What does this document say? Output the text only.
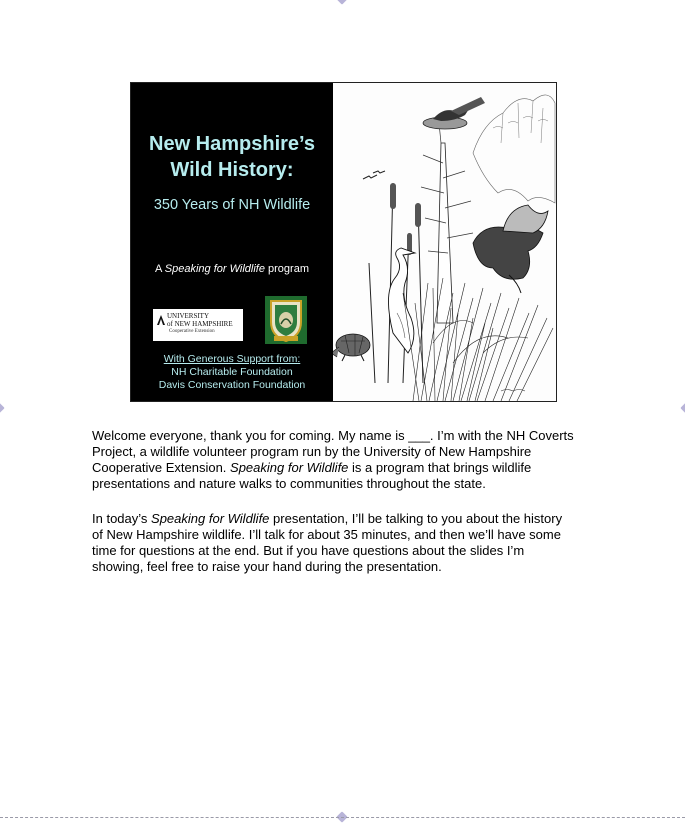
New Hampshire’s
Wild History:
350 Years of NH Wildlife
A Speaking for Wildlife program
UNIVERSITY
of NEW HAMPSHIRE
Cooperative Extension
With Generous Support from:
NH Charitable Foundation
Davis Conservation Foundation

Welcome everyone, thank you for coming. My name is ___. I’m with the NH Coverts
Project, a wildlife volunteer program run by the University of New Hampshire
Cooperative Extension. Speaking for Wildlife is a program that brings wildlife
presentations and nature walks to communities throughout the state.

In today’s Speaking for Wildlife presentation, I’ll be talking to you about the history
of New Hampshire wildlife. I’ll talk for about 35 minutes, and then we’ll have some
time for questions at the end. But if you have questions about the slides I’m
showing, feel free to raise your hand during the presentation.
